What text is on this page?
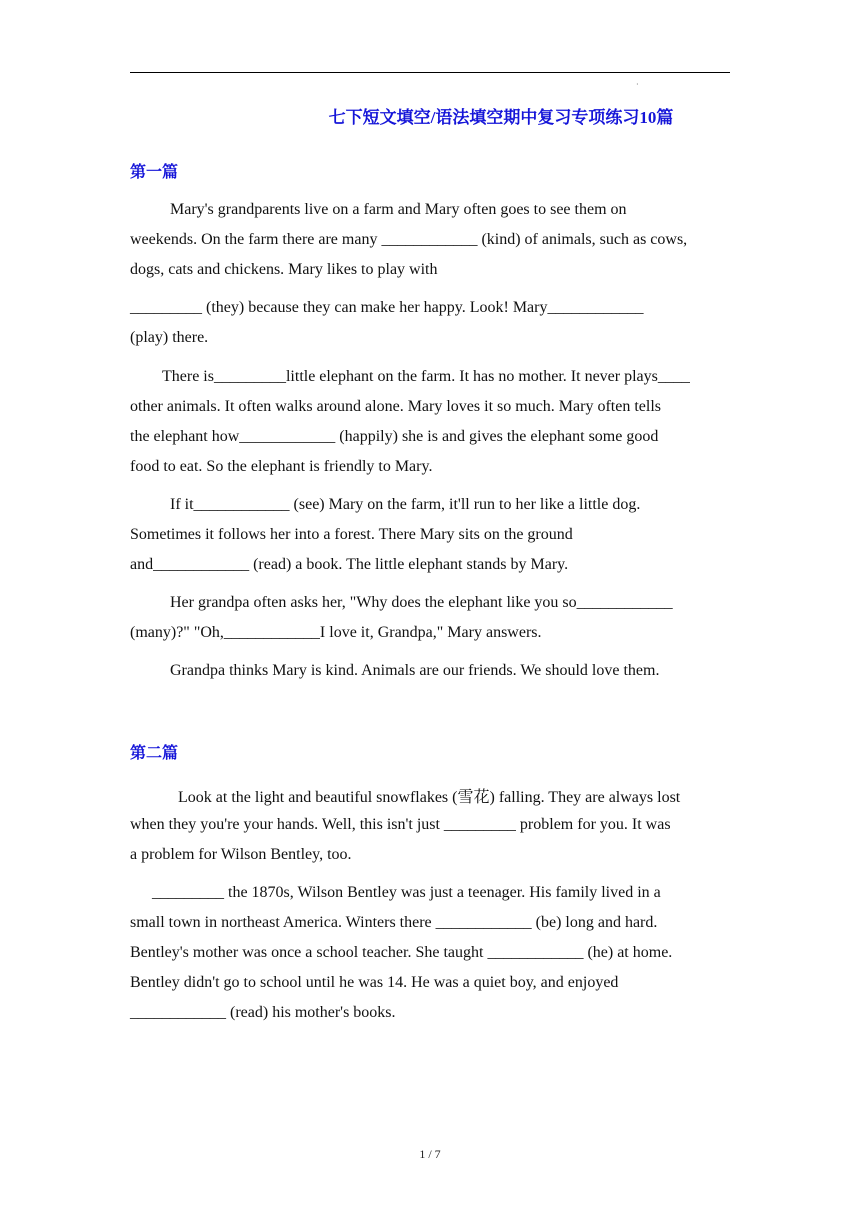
·
七下短文填空/语法填空期中复习专项练习10篇
第一篇
Mary's grandparents live on a farm and Mary often goes to see them on
weekends. On the farm there are many ____________ (kind) of animals, such as cows,
dogs, cats and chickens. Mary likes to play with
_________ (they) because they can make her happy. Look! Mary____________
(play) there.
There is_________little elephant on the farm. It has no mother. It never plays____
other animals. It often walks around alone. Mary loves it so much. Mary often tells
the elephant how____________ (happily) she is and gives the elephant some good
food to eat. So the elephant is friendly to Mary.
If it____________ (see) Mary on the farm, it'll run to her like a little dog.
Sometimes it follows her into a forest. There Mary sits on the ground
and____________ (read) a book. The little elephant stands by Mary.
Her grandpa often asks her, "Why does the elephant like you so____________
(many)?" "Oh,____________I love it, Grandpa," Mary answers.
Grandpa thinks Mary is kind. Animals are our friends. We should love them.
第二篇
Look at the light and beautiful snowflakes (雪花) falling. They are always lost
when they you're your hands. Well, this isn't just _________ problem for you. It was
a problem for Wilson Bentley, too.
_________ the 1870s, Wilson Bentley was just a teenager. His family lived in a
small town in northeast America. Winters there ____________ (be) long and hard.
Bentley's mother was once a school teacher. She taught ____________ (he) at home.
Bentley didn't go to school until he was 14. He was a quiet boy, and enjoyed
____________ (read) his mother's books.
1 / 7
